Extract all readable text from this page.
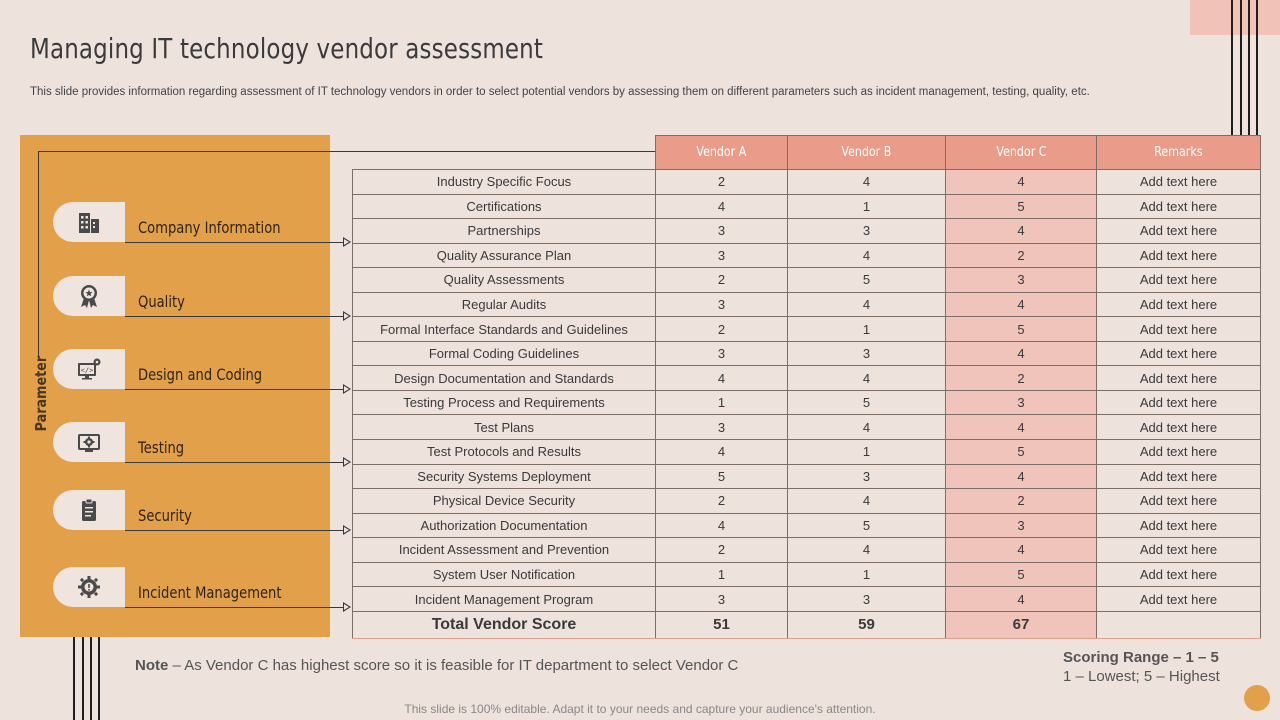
Managing IT technology vendor assessment

This slide provides information regarding assessment of IT technology vendors in order to select potential vendors by assessing them on different parameters such as incident management, testing, quality, etc.

Parameter
Company Information
Quality
</>	Design and Coding
Testing
Security
Incident Management
	Vendor A	Vendor B	Vendor C	Remarks
Industry Specific Focus	2	4	4	Add text here
Certifications	4	1	5	Add text here
Partnerships	3	3	4	Add text here
Quality Assurance Plan	3	4	2	Add text here
Quality Assessments	2	5	3	Add text here
Regular Audits	3	4	4	Add text here
Formal Interface Standards and Guidelines	2	1	5	Add text here
Formal Coding Guidelines	3	3	4	Add text here
Design Documentation and Standards	4	4	2	Add text here
Testing Process and Requirements	1	5	3	Add text here
Test Plans	3	4	4	Add text here
Test Protocols and Results	4	1	5	Add text here
Security Systems Deployment	5	3	4	Add text here
Physical Device Security	2	4	2	Add text here
Authorization Documentation	4	5	3	Add text here
Incident Assessment and Prevention	2	4	4	Add text here
System User Notification	1	1	5	Add text here
Incident Management Program	3	3	4	Add text here
Total Vendor Score	51	59	67	

Note – As Vendor C has highest score so it is feasible for IT department to select Vendor C	Scoring Range – 1 – 5
1 – Lowest; 5 – Highest
This slide is 100% editable. Adapt it to your needs and capture your audience's attention.
